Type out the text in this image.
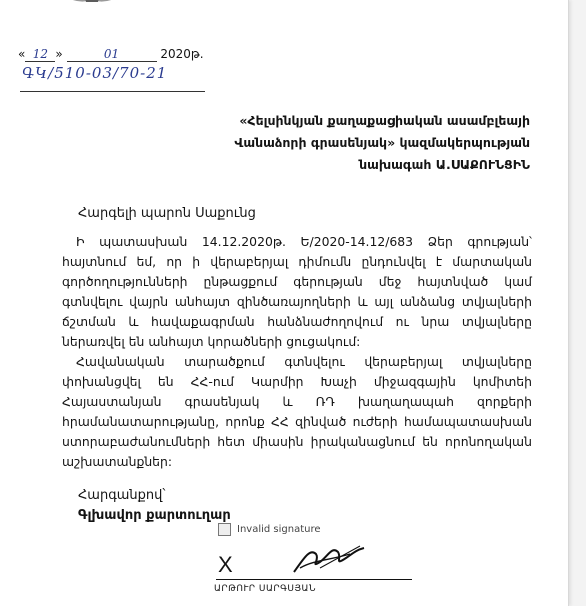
« 12 »	01	2020թ.
ԳԿ/510-03/70-21
«Հելսինկյան քաղաքացիական ասամբլեայի
Վանաձորի գրասենյակ» կազմակերպության
նախագահ Ա.ՍԱՔՈՒՆՑԻՆ
Հարգելի պարոն Սաքունց

Ի պատասխան 14.12.2020թ. Ե/2020-14.12/683 Ձեր գրության՝ հայտնում եմ, որ ի վերաբերյալ դիմումն ընդունվել է մարտական գործողությունների ընթացքում գերության մեջ հայտնված կամ գտնվելու վայրն անհայտ զինծառայողների և այլ անձանց տվյալների ճշտման և հավաքագրման հանձնաժողովում ու նրա տվյալները ներառվել են անհայտ կորածների ցուցակում:

Հավանական տարածքում գտնվելու վերաբերյալ տվյալները փոխանցվել են ՀՀ-ում Կարմիր Խաչի միջազգային կոմիտեի Հայաստանյան գրասենյակ և ՌԴ խաղաղապահ զորքերի հրամանատարությանը, որոնք ՀՀ զինված ուժերի համապատասխան ստորաբաժանումների հետ միասին իրականացնում են որոնողական աշխատանքներ:

Հարգանքով՝
Գլխավոր քարտուղար
Invalid signature
X
ԱՐԹՈՒՐ ՍԱՐԳՍՅԱՆ
